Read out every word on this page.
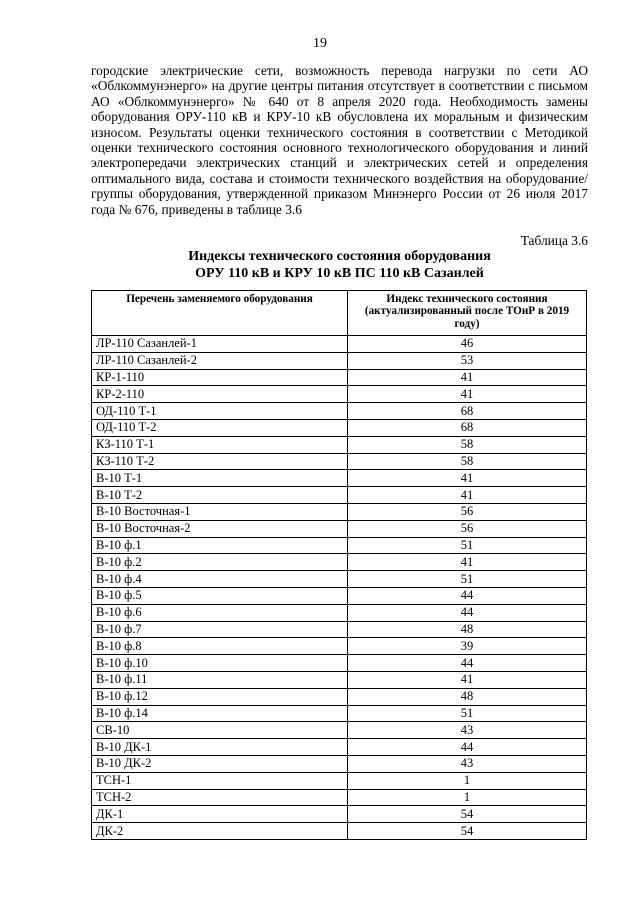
19

городские электрические сети, возможность перевода нагрузки по сети АО «Облкоммунэнерго» на другие центры питания отсутствует в соответствии с письмом АО «Облкоммунэнерго» № 640 от 8 апреля 2020 года. Необходимость замены оборудования ОРУ-110 кВ и КРУ-10 кВ обусловлена их моральным и физическим износом. Результаты оценки технического состояния в соответствии с Методикой оценки технического состояния основного технологического оборудования и линий электропередачи электрических станций и электрических сетей и определения оптимального вида, состава и стоимости технического воздействия на оборудование/группы оборудования, утвержденной приказом Минэнерго России от 26 июля 2017 года № 676, приведены в таблице 3.6

Таблица 3.6
Индексы технического состояния оборудования
ОРУ 110 кВ и КРУ 10 кВ ПС 110 кВ Сазанлей
Перечень заменяемого оборудования	Индекс технического состояния (актуализированный после ТОиР в 2019 году)
ЛР-110 Сазанлей-1	46
ЛР-110 Сазанлей-2	53
КР-1-110	41
КР-2-110	41
ОД-110 Т-1	68
ОД-110 Т-2	68
КЗ-110 Т-1	58
КЗ-110 Т-2	58
В-10 Т-1	41
В-10 Т-2	41
В-10 Восточная-1	56
В-10 Восточная-2	56
В-10 ф.1	51
В-10 ф.2	41
В-10 ф.4	51
В-10 ф.5	44
В-10 ф.6	44
В-10 ф.7	48
В-10 ф.8	39
В-10 ф.10	44
В-10 ф.11	41
В-10 ф.12	48
В-10 ф.14	51
СВ-10	43
В-10 ДК-1	44
В-10 ДК-2	43
ТСН-1	1
ТСН-2	1
ДК-1	54
ДК-2	54
